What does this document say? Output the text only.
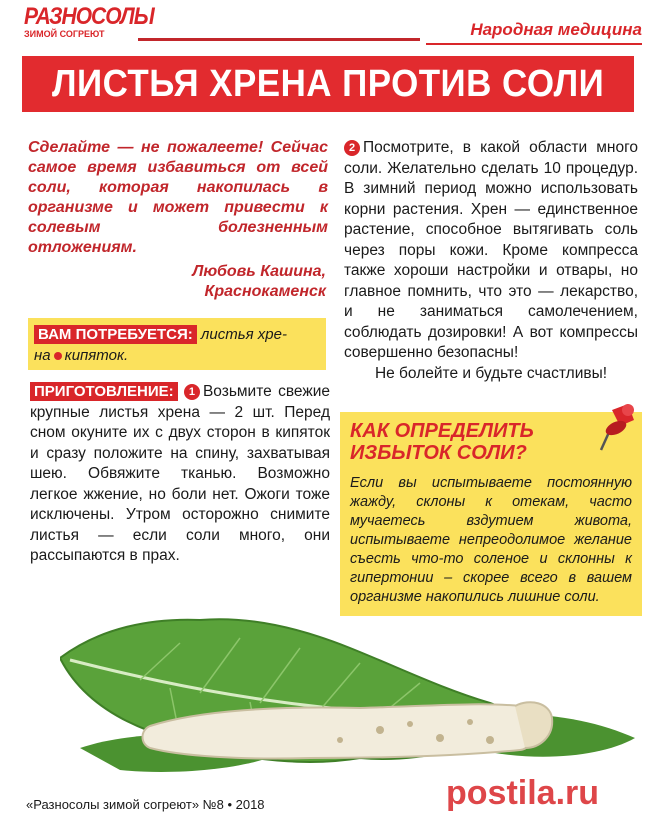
РАЗНОСОЛЫ
ЗИМОЙ СОГРЕЮТ	Народная медицина
ЛИСТЬЯ ХРЕНА ПРОТИВ СОЛИ
Сделайте — не пожалеете! Сейчас самое время избавиться от всей соли, которая накопилась в организме и может привести к солевым болезненным отложениям.
Любовь Кашина,
Краснокаменск
ВАМ ПОТРЕБУЕТСЯ: листья хре-
на кипяток.
ПРИГОТОВЛЕНИЕ: 1 Возьмите свежие крупные листья хрена — 2 шт. Перед сном окуните их с двух сторон в кипяток и сразу положите на спину, захватывая шею. Обвяжите тканью. Возможно легкое жжение, но боли нет. Ожоги тоже исключены. Утром осторожно снимите листья — если соли много, они рассыпаются в прах.
2 Посмотрите, в какой области много соли. Желательно сделать 10 процедур. В зимний период можно использовать корни растения. Хрен — единственное растение, способное вытягивать соль через поры кожи. Кроме компресса также хороши настройки и отвары, но главное помнить, что это — лекарство, и не заниматься самолечением, соблюдать дозировки! А вот компрессы совершенно безопасны!
Не болейте и будьте счастливы!
КАК ОПРЕДЕЛИТЬ
ИЗБЫТОК СОЛИ?
Если вы испытываете постоянную жажду, склоны к отекам, часто мучаетесь вздутием живота, испытываете непреодолимое желание съесть что-то соленое и склонны к гипертонии – скорее всего в вашем организме накопились лишние соли.
«Разносолы зимой согреют» №8 • 2018	postila.ru
